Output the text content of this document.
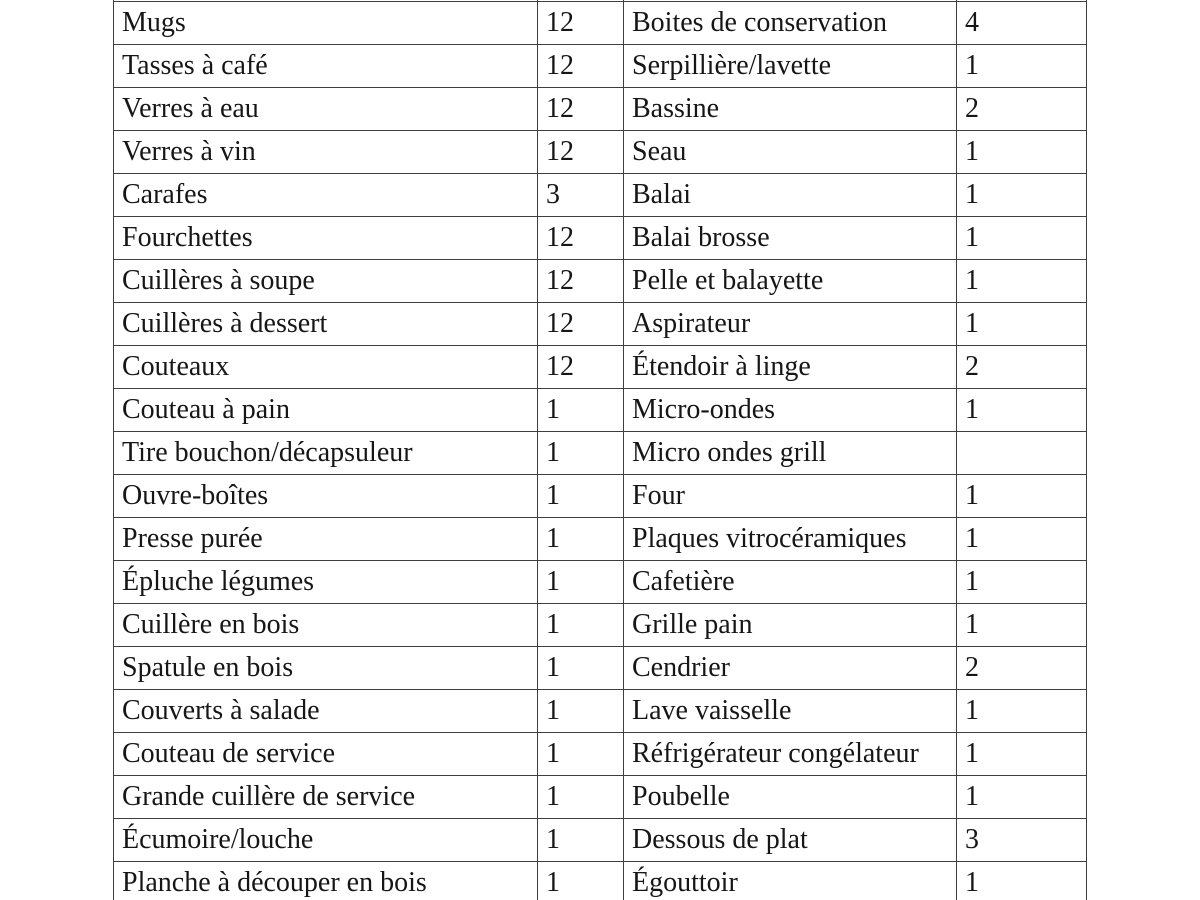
Mugs	12	Boites de conservation	4
Tasses à café	12	Serpillière/lavette	1
Verres à eau	12	Bassine	2
Verres à vin	12	Seau	1
Carafes	3	Balai	1
Fourchettes	12	Balai brosse	1
Cuillères à soupe	12	Pelle et balayette	1
Cuillères à dessert	12	Aspirateur	1
Couteaux	12	Étendoir à linge	2
Couteau à pain	1	Micro-ondes	1
Tire bouchon/décapsuleur	1	Micro ondes grill	
Ouvre-boîtes	1	Four	1
Presse purée	1	Plaques vitrocéramiques	1
Épluche légumes	1	Cafetière	1
Cuillère en bois	1	Grille pain	1
Spatule en bois	1	Cendrier	2
Couverts à salade	1	Lave vaisselle	1
Couteau de service	1	Réfrigérateur congélateur	1
Grande cuillère de service	1	Poubelle	1
Écumoire/louche	1	Dessous de plat	3
Planche à découper en bois	1	Égouttoir	1
